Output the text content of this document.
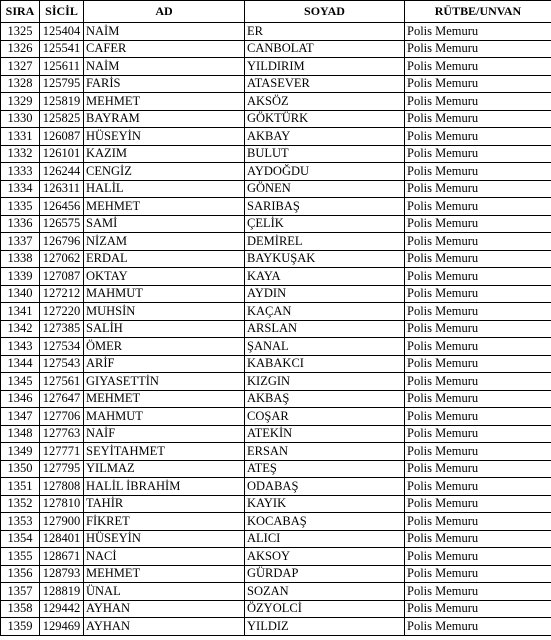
SIRA	SİCİL	AD	SOYAD	RÜTBE/UNVAN
1325	125404	NAİM	ER	Polis Memuru
1326	125541	CAFER	CANBOLAT	Polis Memuru
1327	125611	NAİM	YILDIRIM	Polis Memuru
1328	125795	FARİS	ATASEVER	Polis Memuru
1329	125819	MEHMET	AKSÖZ	Polis Memuru
1330	125825	BAYRAM	GÖKTÜRK	Polis Memuru
1331	126087	HÜSEYİN	AKBAY	Polis Memuru
1332	126101	KAZIM	BULUT	Polis Memuru
1333	126244	CENGİZ	AYDOĞDU	Polis Memuru
1334	126311	HALİL	GÖNEN	Polis Memuru
1335	126456	MEHMET	SARIBAŞ	Polis Memuru
1336	126575	SAMİ	ÇELİK	Polis Memuru
1337	126796	NİZAM	DEMİREL	Polis Memuru
1338	127062	ERDAL	BAYKUŞAK	Polis Memuru
1339	127087	OKTAY	KAYA	Polis Memuru
1340	127212	MAHMUT	AYDIN	Polis Memuru
1341	127220	MUHSİN	KAÇAN	Polis Memuru
1342	127385	SALİH	ARSLAN	Polis Memuru
1343	127534	ÖMER	ŞANAL	Polis Memuru
1344	127543	ARİF	KABAKCI	Polis Memuru
1345	127561	GIYASETTİN	KIZGIN	Polis Memuru
1346	127647	MEHMET	AKBAŞ	Polis Memuru
1347	127706	MAHMUT	COŞAR	Polis Memuru
1348	127763	NAİF	ATEKİN	Polis Memuru
1349	127771	SEYİTAHMET	ERSAN	Polis Memuru
1350	127795	YILMAZ	ATEŞ	Polis Memuru
1351	127808	HALİL İBRAHİM	ODABAŞ	Polis Memuru
1352	127810	TAHİR	KAYIK	Polis Memuru
1353	127900	FİKRET	KOCABAŞ	Polis Memuru
1354	128401	HÜSEYİN	ALICI	Polis Memuru
1355	128671	NACİ	AKSOY	Polis Memuru
1356	128793	MEHMET	GÜRDAP	Polis Memuru
1357	128819	ÜNAL	SOZAN	Polis Memuru
1358	129442	AYHAN	ÖZYOLCİ	Polis Memuru
1359	129469	AYHAN	YILDIZ	Polis Memuru
